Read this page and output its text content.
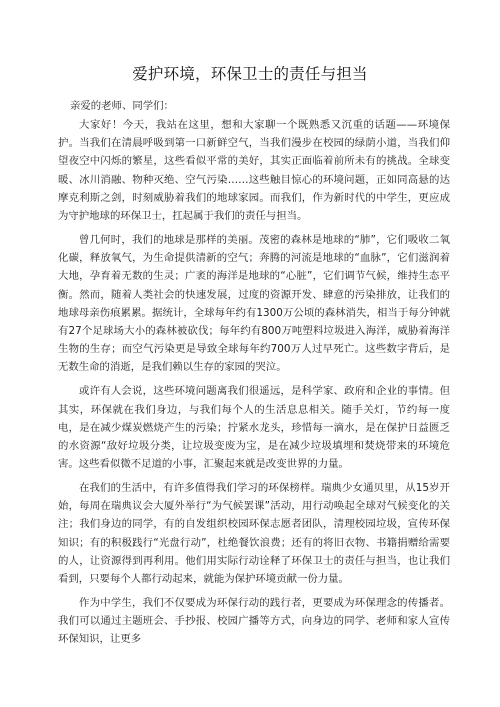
爱护环境，环保卫士的责任与担当

亲爱的老师、同学们：

大家好！今天，我站在这里，想和大家聊一个既熟悉又沉重的话题——环境保护。当我们在清晨呼吸到第一口新鲜空气，当我们漫步在校园的绿荫小道，当我们仰望夜空中闪烁的繁星，这些看似平常的美好，其实正面临着前所未有的挑战。全球变暖、冰川消融、物种灭绝、空气污染……这些触目惊心的环境问题，正如同高悬的达摩克利斯之剑，时刻威胁着我们的地球家园。而我们，作为新时代的中学生，更应成为守护地球的环保卫士，扛起属于我们的责任与担当。

曾几何时，我们的地球是那样的美丽。茂密的森林是地球的“肺”，它们吸收二氧化碳，释放氧气，为生命提供清新的空气；奔腾的河流是地球的“血脉”，它们滋润着大地，孕育着无数的生灵；广袤的海洋是地球的“心脏”，它们调节气候，维持生态平衡。然而，随着人类社会的快速发展，过度的资源开发、肆意的污染排放，让我们的地球母亲伤痕累累。据统计，全球每年约有1300万公顷的森林消失，相当于每分钟就有27个足球场大小的森林被砍伐；每年约有800万吨塑料垃圾进入海洋，威胁着海洋生物的生存；而空气污染更是导致全球每年约700万人过早死亡。这些数字背后，是无数生命的消逝，是我们赖以生存的家园的哭泣。

或许有人会说，这些环境问题离我们很遥远，是科学家、政府和企业的事情。但其实，环保就在我们身边，与我们每个人的生活息息相关。随手关灯，节约每一度电，是在减少煤炭燃烧产生的污染；拧紧水龙头，珍惜每一滴水，是在保护日益匮乏的水资源“敌好垃圾分类，让垃圾变废为宝，是在减少垃圾填埋和焚烧带来的环境危害。这些看似微不足道的小事，汇聚起来就是改变世界的力量。

在我们的生活中，有许多值得我们学习的环保榜样。瑞典少女通贝里，从15岁开始，每周在瑞典议会大厦外举行“为气候罢课”活动，用行动唤起全球对气候变化的关注；我们身边的同学，有的自发组织校园环保志愿者团队，清理校园垃圾，宣传环保知识；有的积极践行“光盘行动”，杜绝餐饮浪费；还有的将旧衣物、书籍捐赠给需要的人，让资源得到再利用。他们用实际行动诠释了环保卫士的责任与担当，也让我们看到，只要每个人都行动起来，就能为保护环境贡献一份力量。

作为中学生，我们不仅要成为环保行动的践行者，更要成为环保理念的传播者。我们可以通过主题班会、手抄报、校园广播等方式，向身边的同学、老师和家人宣传环保知识，让更多
